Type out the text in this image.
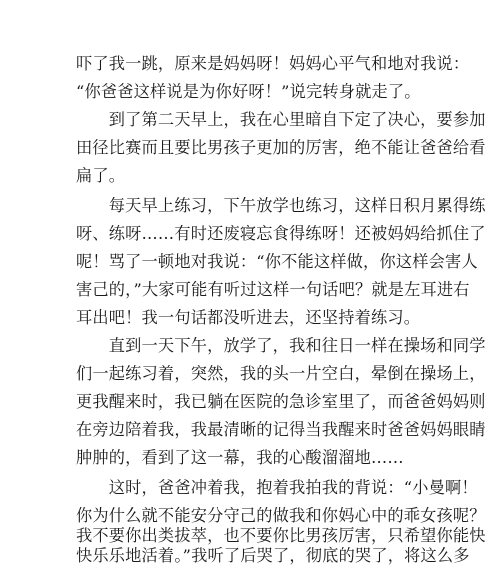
吓了我一跳，原来是妈妈呀！妈妈心平气和地对我说：
“你爸爸这样说是为你好呀！”说完转身就走了。
　　到了第二天早上，我在心里暗自下定了决心，要参加
田径比赛而且要比男孩子更加的厉害，绝不能让爸爸给看
扁了。
　　每天早上练习，下午放学也练习，这样日积月累得练
呀、练呀……有时还废寝忘食得练呀！还被妈妈给抓住了
呢！骂了一顿地对我说：“你不能这样做，你这样会害人
害己的，”大家可能有听过这样一句话吧？就是左耳进右
耳出吧！我一句话都没听进去，还坚持着练习。
　　直到一天下午，放学了，我和往日一样在操场和同学
们一起练习着，突然，我的头一片空白，晕倒在操场上，
更我醒来时，我已躺在医院的急诊室里了，而爸爸妈妈则
在旁边陪着我，我最清晰的记得当我醒来时爸爸妈妈眼睛
肿肿的，看到了这一幕，我的心酸溜溜地……
　　这时，爸爸冲着我，抱着我拍我的背说：“小曼啊！
你为什么就不能安分守己的做我和你妈心中的乖女孩呢？
我不要你出类拔萃，也不要你比男孩厉害，只希望你能快
快乐乐地活着。”我听了后哭了，彻底的哭了，将这么多
